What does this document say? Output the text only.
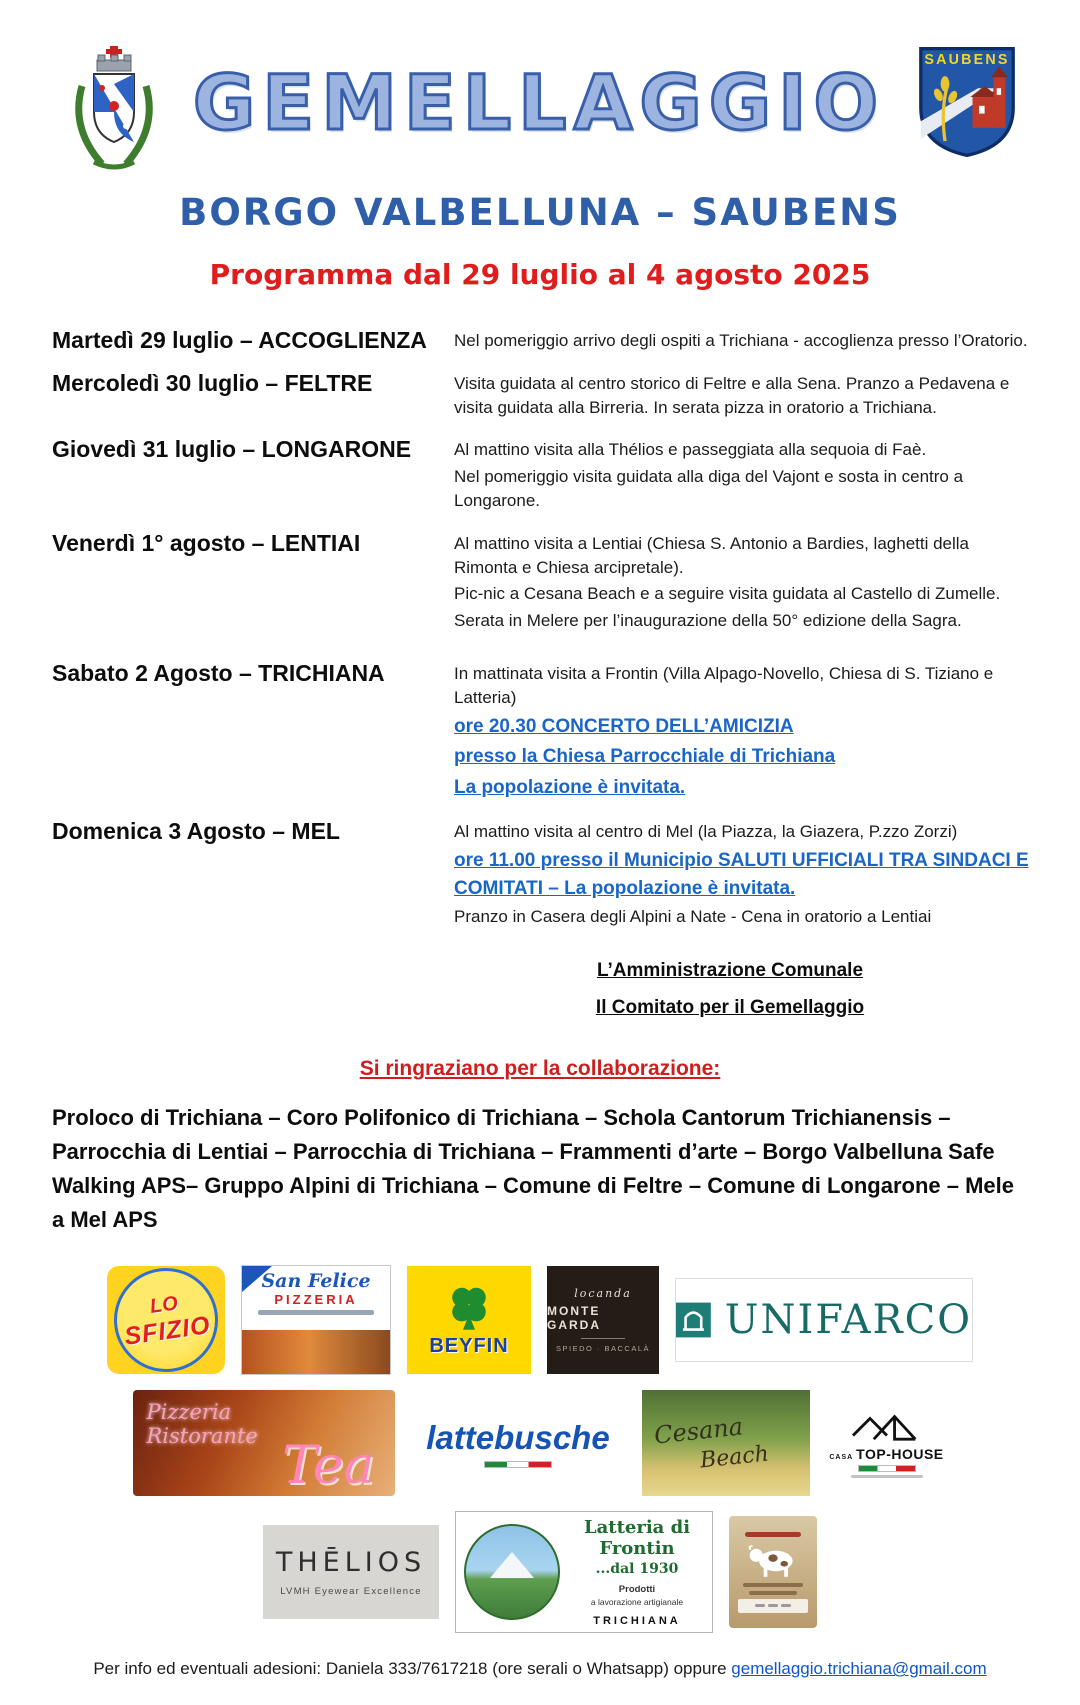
GEMELLAGGIO	SAUBENS
BORGO VALBELLUNA – SAUBENS
Programma dal 29 luglio al 4 agosto 2025
Martedì 29 luglio – ACCOGLIENZA	Nel pomeriggio arrivo degli ospiti a Trichiana - accoglienza presso l’Oratorio.

Mercoledì 30 luglio – FELTRE	Visita guidata al centro storico di Feltre e alla Sena. Pranzo a Pedavena e visita guidata alla Birreria. In serata pizza in oratorio a Trichiana.

Giovedì 31 luglio – LONGARONE	Al mattino visita alla Thélios e passeggiata alla sequoia di Faè.

Nel pomeriggio visita guidata alla diga del Vajont e sosta in centro a Longarone.

Venerdì 1° agosto – LENTIAI	Al mattino visita a Lentiai (Chiesa S. Antonio a Bardies, laghetti della Rimonta e Chiesa arcipretale).

Pic-nic a Cesana Beach e a seguire visita guidata al Castello di Zumelle.

Serata in Melere per l’inaugurazione della 50° edizione della Sagra.

Sabato 2 Agosto – TRICHIANA	In mattinata visita a Frontin (Villa Alpago-Novello, Chiesa di S. Tiziano e Latteria)

ore 20.30 CONCERTO DELL’AMICIZIA

presso la Chiesa Parrocchiale di Trichiana

La popolazione è invitata.

Domenica 3 Agosto – MEL	Al mattino visita al centro di Mel (la Piazza, la Giazera, P.zzo Zorzi)

ore 11.00 presso il Municipio SALUTI UFFICIALI TRA SINDACI E COMITATI – La popolazione è invitata.

Pranzo in Casera degli Alpini a Nate - Cena in oratorio a Lentiai

L’Amministrazione Comunale
Il Comitato per il Gemellaggio
Si ringraziano per la collaborazione:
Proloco di Trichiana – Coro Polifonico di Trichiana – Schola Cantorum Trichianensis – Parrocchia di Lentiai – Parrocchia di Trichiana – Frammenti d’arte – Borgo Valbelluna Safe Walking APS– Gruppo Alpini di Trichiana – Comune di Feltre – Comune di Longarone – Mele a Mel APS
LO
SFIZIO
San Felice
PIZZERIA
BEYFIN
locanda
MONTE GARDA
SPIEDO · BACCALÀ
UNIFARCO
Pizzeria
Ristorante Tea lattebusche Cesana
Beach	CASA TOP-HOUSE
THĒLIOS
LVMH Eyewear Excellence
Latteria di Frontin
...dal 1930
Prodotti
a lavorazione artigianale
TRICHIANA
Per info ed eventuali adesioni: Daniela 333/7617218 (ore serali o Whatsapp) oppure gemellaggio.trichiana@gmail.com
